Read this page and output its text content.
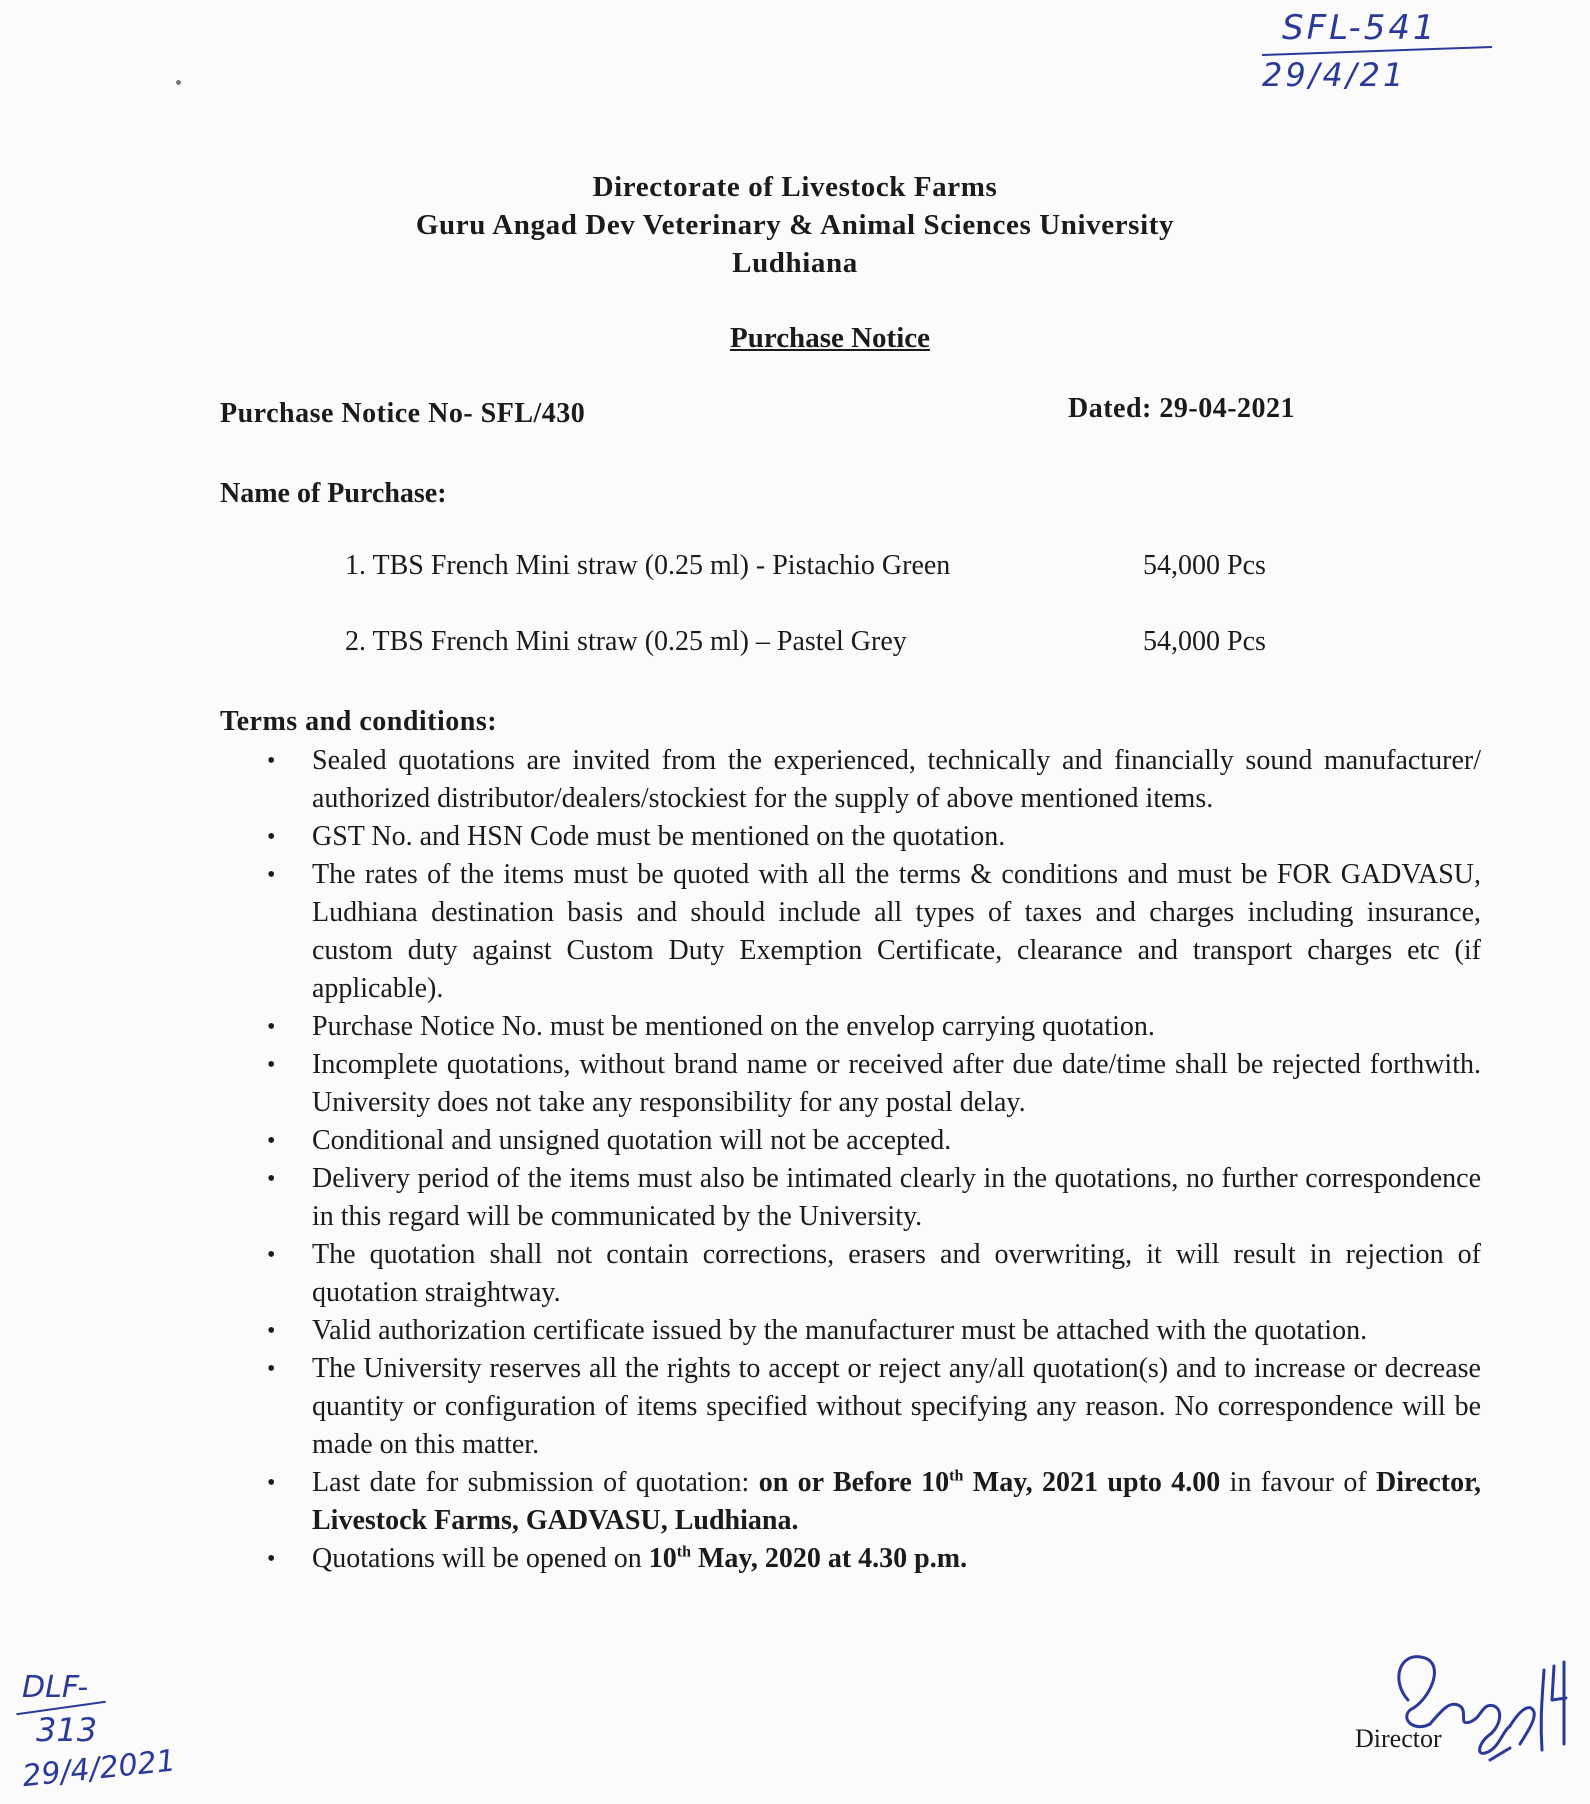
SFL-541
29/4/21
Directorate of Livestock Farms
Guru Angad Dev Veterinary & Animal Sciences University
Ludhiana
Purchase Notice
Purchase Notice No- SFL/430	Dated: 29-04-2021
Name of Purchase:
1. TBS French Mini straw (0.25 ml) - Pistachio Green	54,000 Pcs
2. TBS French Mini straw (0.25 ml) – Pastel Grey	54,000 Pcs
Terms and conditions:
• Sealed quotations are invited from the experienced, technically and financially sound manufacturer/ authorized distributor/dealers/stockiest for the supply of above mentioned items.
• GST No. and HSN Code must be mentioned on the quotation.
• The rates of the items must be quoted with all the terms & conditions and must be FOR GADVASU, Ludhiana destination basis and should include all types of taxes and charges including insurance, custom duty against Custom Duty Exemption Certificate, clearance and transport charges etc (if applicable).
• Purchase Notice No. must be mentioned on the envelop carrying quotation.
• Incomplete quotations, without brand name or received after due date/time shall be rejected forthwith. University does not take any responsibility for any postal delay.
• Conditional and unsigned quotation will not be accepted.
• Delivery period of the items must also be intimated clearly in the quotations, no further correspondence in this regard will be communicated by the University.
• The quotation shall not contain corrections, erasers and overwriting, it will result in rejection of quotation straightway.
• Valid authorization certificate issued by the manufacturer must be attached with the quotation.
• The University reserves all the rights to accept or reject any/all quotation(s) and to increase or decrease quantity or configuration of items specified without specifying any reason. No correspondence will be made on this matter.
• Last date for submission of quotation: on or Before 10th May, 2021 upto 4.00 in favour of Director, Livestock Farms, GADVASU, Ludhiana.
• Quotations will be opened on 10th May, 2020 at 4.30 p.m.
DLF-
313
29/4/2021
Director
